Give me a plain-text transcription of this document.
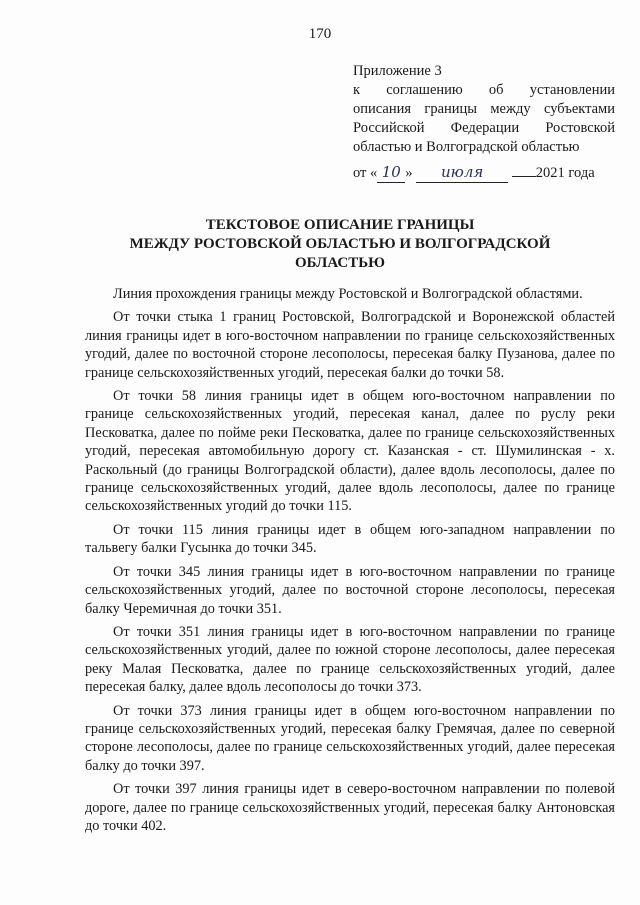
170
Приложение 3
к соглашению об установлении
описания границы между субъектами
Российской Федерации Ростовской
областью и Волгоградской областью
от « 10 » июля	2021 года
ТЕКСТОВОЕ ОПИСАНИЕ ГРАНИЦЫ
МЕЖДУ РОСТОВСКОЙ ОБЛАСТЬЮ И ВОЛГОГРАДСКОЙ
ОБЛАСТЬЮ

Линия прохождения границы между Ростовской и Волгоградской областями.

От точки стыка 1 границ Ростовской, Волгоградской и Воронежской областей линия границы идет в юго-восточном направлении по границе сельскохозяйственных угодий, далее по восточной стороне лесополосы, пересекая балку Пузанова, далее по границе сельскохозяйственных угодий, пересекая балки до точки 58.

От точки 58 линия границы идет в общем юго-восточном направлении по границе сельскохозяйственных угодий, пересекая канал, далее по руслу реки Песковатка, далее по пойме реки Песковатка, далее по границе сельскохозяйственных угодий, пересекая автомобильную дорогу ст. Казанская - ст. Шумилинская - х. Раскольный (до границы Волгоградской области), далее вдоль лесополосы, далее по границе сельскохозяйственных угодий, далее вдоль лесополосы, далее по границе сельскохозяйственных угодий до точки 115.

От точки 115 линия границы идет в общем юго-западном направлении по тальвегу балки Гусынка до точки 345.

От точки 345 линия границы идет в юго-восточном направлении по границе сельскохозяйственных угодий, далее по восточной стороне лесополосы, пересекая балку Черемичная до точки 351.

От точки 351 линия границы идет в юго-восточном направлении по границе сельскохозяйственных угодий, далее по южной стороне лесополосы, далее пересекая реку Малая Песковатка, далее по границе сельскохозяйственных угодий, далее пересекая балку, далее вдоль лесополосы до точки 373.

От точки 373 линия границы идет в общем юго-восточном направлении по границе сельскохозяйственных угодий, пересекая балку Гремячая, далее по северной стороне лесополосы, далее по границе сельскохозяйственных угодий, далее пересекая балку до точки 397.

От точки 397 линия границы идет в северо-восточном направлении по полевой дороге, далее по границе сельскохозяйственных угодий, пересекая балку Антоновская до точки 402.
